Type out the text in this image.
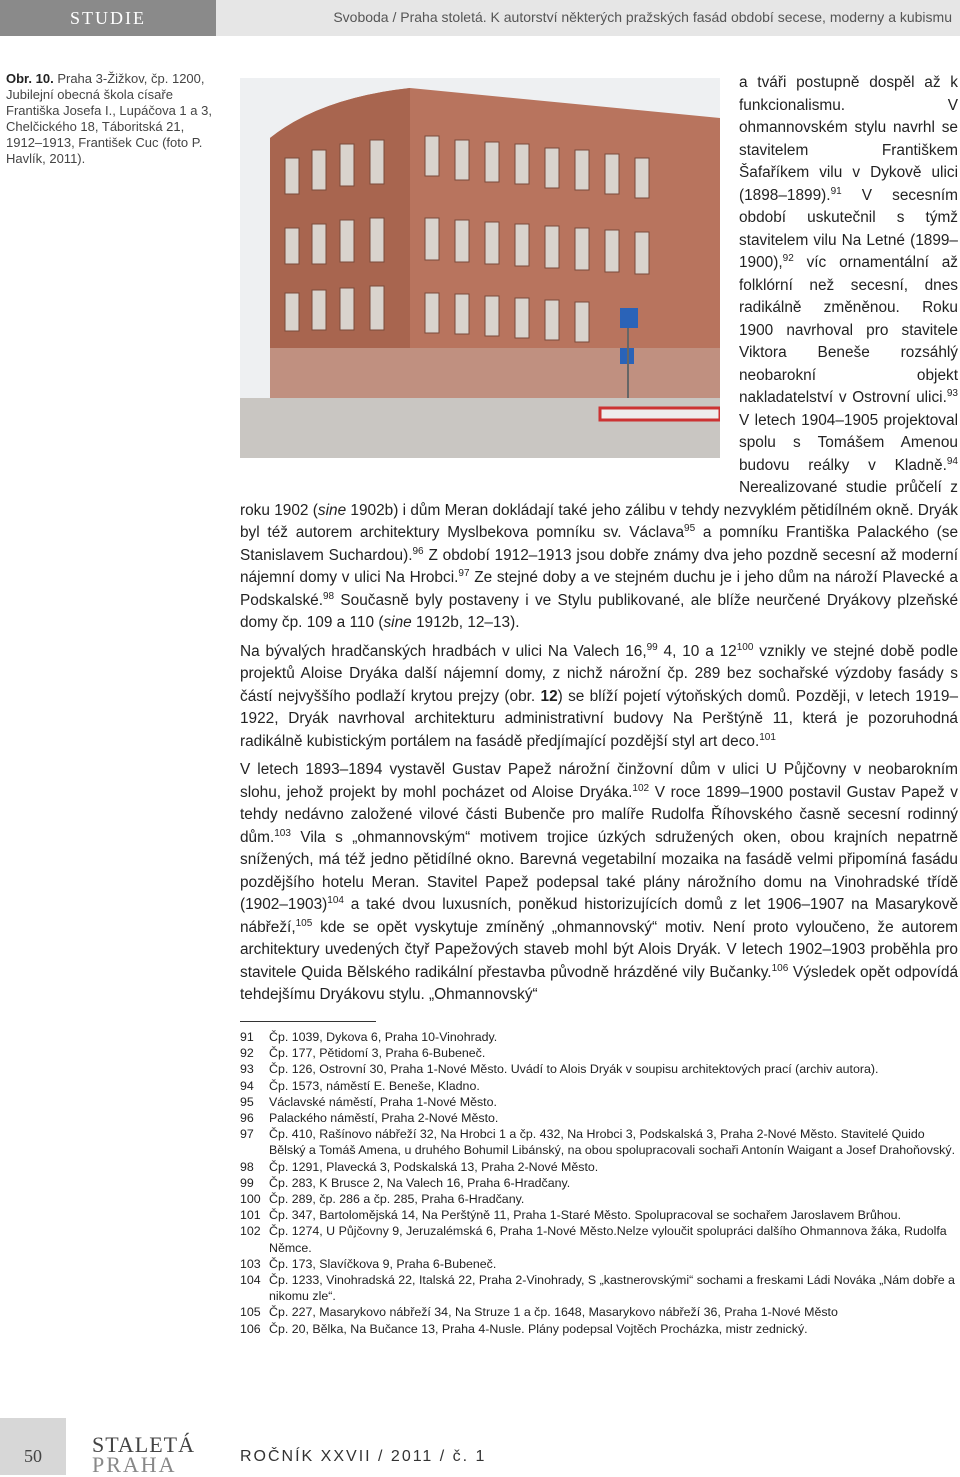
STUDIE	Svoboda / Praha stoletá. K autorství některých pražských fasád období secese, moderny a kubismu
Obr. 10. Praha 3-Žižkov, čp. 1200, Jubilejní obecná škola císaře Františka Josefa I., Lupáčova 1 a 3, Chelčického 18, Táboritská 21, 1912–1913, František Cuc (foto P. Havlík, 2011).

a tváři postupně dospěl až k funkcionalismu. V ohmannovském stylu navrhl se stavitelem Františkem Šafaříkem vilu v Dykově ulici (1898–1899).$^{91}$ V secesním období uskutečnil s týmž stavitelem vilu Na Letné (1899–1900),$^{92}$ víc ornamentální až folklórní než secesní, dnes radikálně změněnou. Roku 1900 navrhoval pro stavitele Viktora Beneše rozsáhlý neobarokní objekt nakladatelství v Ostrovní ulici.$^{93}$ V letech 1904–1905 projektoval spolu s Tomášem Amenou budovu reálky v Kladně.$^{94}$ Nerealizované studie průčelí z roku 1902 (sine 1902b) i dům Meran dokládají také jeho zálibu v tehdy nezvyklém pětidílném okně. Dryák byl též autorem architektury Myslbekova pomníku sv. Václava$^{95}$ a pomníku Františka Palackého (se Stanislavem Suchardou).$^{96}$ Z období 1912–1913 jsou dobře známy dva jeho pozdně secesní až moderní nájemní domy v ulici Na Hrobci.$^{97}$ Ze stejné doby a ve stejném duchu je i jeho dům na nároží Plavecké a Podskalské.$^{98}$ Současně byly postaveny i ve Stylu publikované, ale blíže neurčené Dryákovy plzeňské domy čp. 109 a 110 (sine 1912b, 12–13).

Na bývalých hradčanských hradbách v ulici Na Valech 16,99 4, 10 a $12^{100}$ vznikly ve stejné době podle projektů Aloise Dryáka další nájemní domy, z nichž nárožní čp. 289 bez sochařské výzdoby fasády s částí nejvyššího podlaží krytou prejzy (obr. 12) se blíží pojetí výtoňských domů. Později, v letech 1919–1922, Dryák navrhoval architekturu administrativní budovy Na Perštýně 11, která je pozoruhodná radikálně kubistickým portálem na fasádě předjímající pozdější styl art deco.$^{101}$

V letech 1893–1894 vystavěl Gustav Papež nárožní činžovní dům v ulici U Půjčovny v neobarokním slohu, jehož projekt by mohl pocházet od Aloise Dryáka.$^{102}$ V roce 1899–1900 postavil Gustav Papež v tehdy nedávno založené vilové části Bubenče pro malíře Rudolfa Říhovského časně secesní rodinný dům.$^{103}$ Vila s „ohmannovským“ motivem trojice úzkých sdružených oken, obou krajních nepatrně snížených, má též jedno pětidílné okno. Barevná vegetabilní mozaika na fasádě velmi připomíná fasádu pozdějšího hotelu Meran. Stavitel Papež podepsal také plány nárožního domu na Vinohradské třídě (1902–1903)$^{104}$ a také dvou luxusních, poněkud historizujících domů z let 1906–1907 na Masarykově nábřeží,$^{105}$ kde se opět vyskytuje zmíněný „ohmannovský“ motiv. Není proto vyloučeno, že autorem architektury uvedených čtyř Papežových staveb mohl být Alois Dryák. V letech 1902–1903 proběhla pro stavitele Quida Bělského radikální přestavba původně hrázděné vily Bučanky.$^{106}$ Výsledek opět odpovídá tehdejšímu Dryákovu stylu. „Ohmannovský“

91	Čp. 1039, Dykova 6, Praha 10-Vinohrady.
92	Čp. 177, Pětidomí 3, Praha 6-Bubeneč.
93	Čp. 126, Ostrovní 30, Praha 1-Nové Město. Uvádí to Alois Dryák v soupisu architektových prací (archiv autora).
94	Čp. 1573, náměstí E. Beneše, Kladno.
95	Václavské náměstí, Praha 1-Nové Město.
96	Palackého náměstí, Praha 2-Nové Město.
97	Čp. 410, Rašínovo nábřeží 32, Na Hrobci 1 a čp. 432, Na Hrobci 3, Podskalská 3, Praha 2-Nové Město. Stavitelé Quido Bělský a Tomáš Amena, u druhého Bohumil Libánský, na obou spolupracovali sochaři Antonín Waigant a Josef Drahoňovský.
98	Čp. 1291, Plavecká 3, Podskalská 13, Praha 2-Nové Město.
99	Čp. 283, K Brusce 2, Na Valech 16, Praha 6-Hradčany.
100 Čp. 289, čp. 286 a čp. 285, Praha 6-Hradčany.
101 Čp. 347, Bartolomějská 14, Na Perštýně 11, Praha 1-Staré Město. Spolupracoval se sochařem Jaroslavem Brůhou.
102 Čp. 1274, U Půjčovny 9, Jeruzalémská 6, Praha 1-Nové Město.Nelze vyloučit spolupráci dalšího Ohmannova žáka, Rudolfa Němce.
103 Čp. 173, Slavíčkova 9, Praha 6-Bubeneč.
104 Čp. 1233, Vinohradská 22, Italská 22, Praha 2-Vinohrady, S „kastnerovskými“ sochami a freskami Ládi Nováka „Nám dobře a nikomu zle“.
105 Čp. 227, Masarykovo nábřeží 34, Na Struze 1 a čp. 1648, Masarykovo nábřeží 36, Praha 1-Nové Město
106 Čp. 20, Bělka, Na Bučance 13, Praha 4-Nusle. Plány podepsal Vojtěch Procházka, mistr zednický.
50	STALETÁ
PRAHA	ROČNÍK XXVII / 2011 / č. 1
